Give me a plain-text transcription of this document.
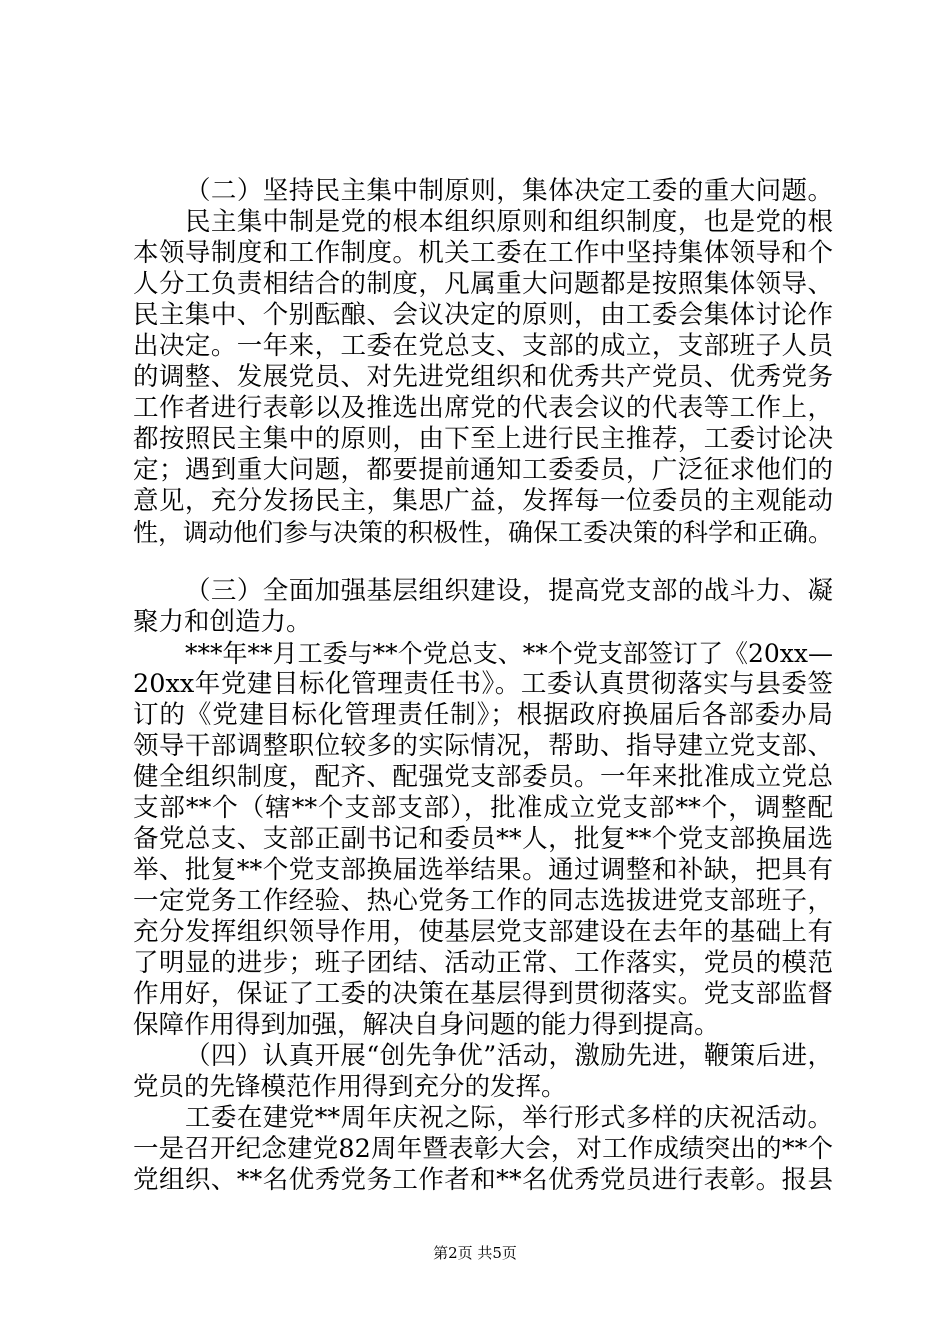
（二）坚持民主集中制原则，集体决定工委的重大问题。
民主集中制是党的根本组织原则和组织制度，也是党的根
本领导制度和工作制度。机关工委在工作中坚持集体领导和个
人分工负责相结合的制度，凡属重大问题都是按照集体领导、
民主集中、个别酝酿、会议决定的原则，由工委会集体讨论作
出决定。一年来，工委在党总支、支部的成立，支部班子人员
的调整、发展党员、对先进党组织和优秀共产党员、优秀党务
工作者进行表彰以及推选出席党的代表会议的代表等工作上，
都按照民主集中的原则，由下至上进行民主推荐，工委讨论决
定；遇到重大问题，都要提前通知工委委员，广泛征求他们的
意见，充分发扬民主，集思广益，发挥每一位委员的主观能动
性，调动他们参与决策的积极性，确保工委决策的科学和正确。
（三）全面加强基层组织建设，提高党支部的战斗力、凝
聚力和创造力。
***年**月工委与**个党总支、**个党支部签订了《20xx—
20xx年党建目标化管理责任书》。工委认真贯彻落实与县委签
订的《党建目标化管理责任制》；根据政府换届后各部委办局
领导干部调整职位较多的实际情况，帮助、指导建立党支部、
健全组织制度，配齐、配强党支部委员。一年来批准成立党总
支部**个（辖**个支部支部），批准成立党支部**个，调整配
备党总支、支部正副书记和委员**人，批复**个党支部换届选
举、批复**个党支部换届选举结果。通过调整和补缺，把具有
一定党务工作经验、热心党务工作的同志选拔进党支部班子，
充分发挥组织领导作用，使基层党支部建设在去年的基础上有
了明显的进步；班子团结、活动正常、工作落实，党员的模范
作用好，保证了工委的决策在基层得到贯彻落实。党支部监督
保障作用得到加强，解决自身问题的能力得到提高。
（四）认真开展“创先争优”活动，激励先进，鞭策后进，
党员的先锋模范作用得到充分的发挥。
工委在建党**周年庆祝之际，举行形式多样的庆祝活动。
一是召开纪念建党82周年暨表彰大会，对工作成绩突出的**个
党组织、**名优秀党务工作者和**名优秀党员进行表彰。报县
第2页 共5页
